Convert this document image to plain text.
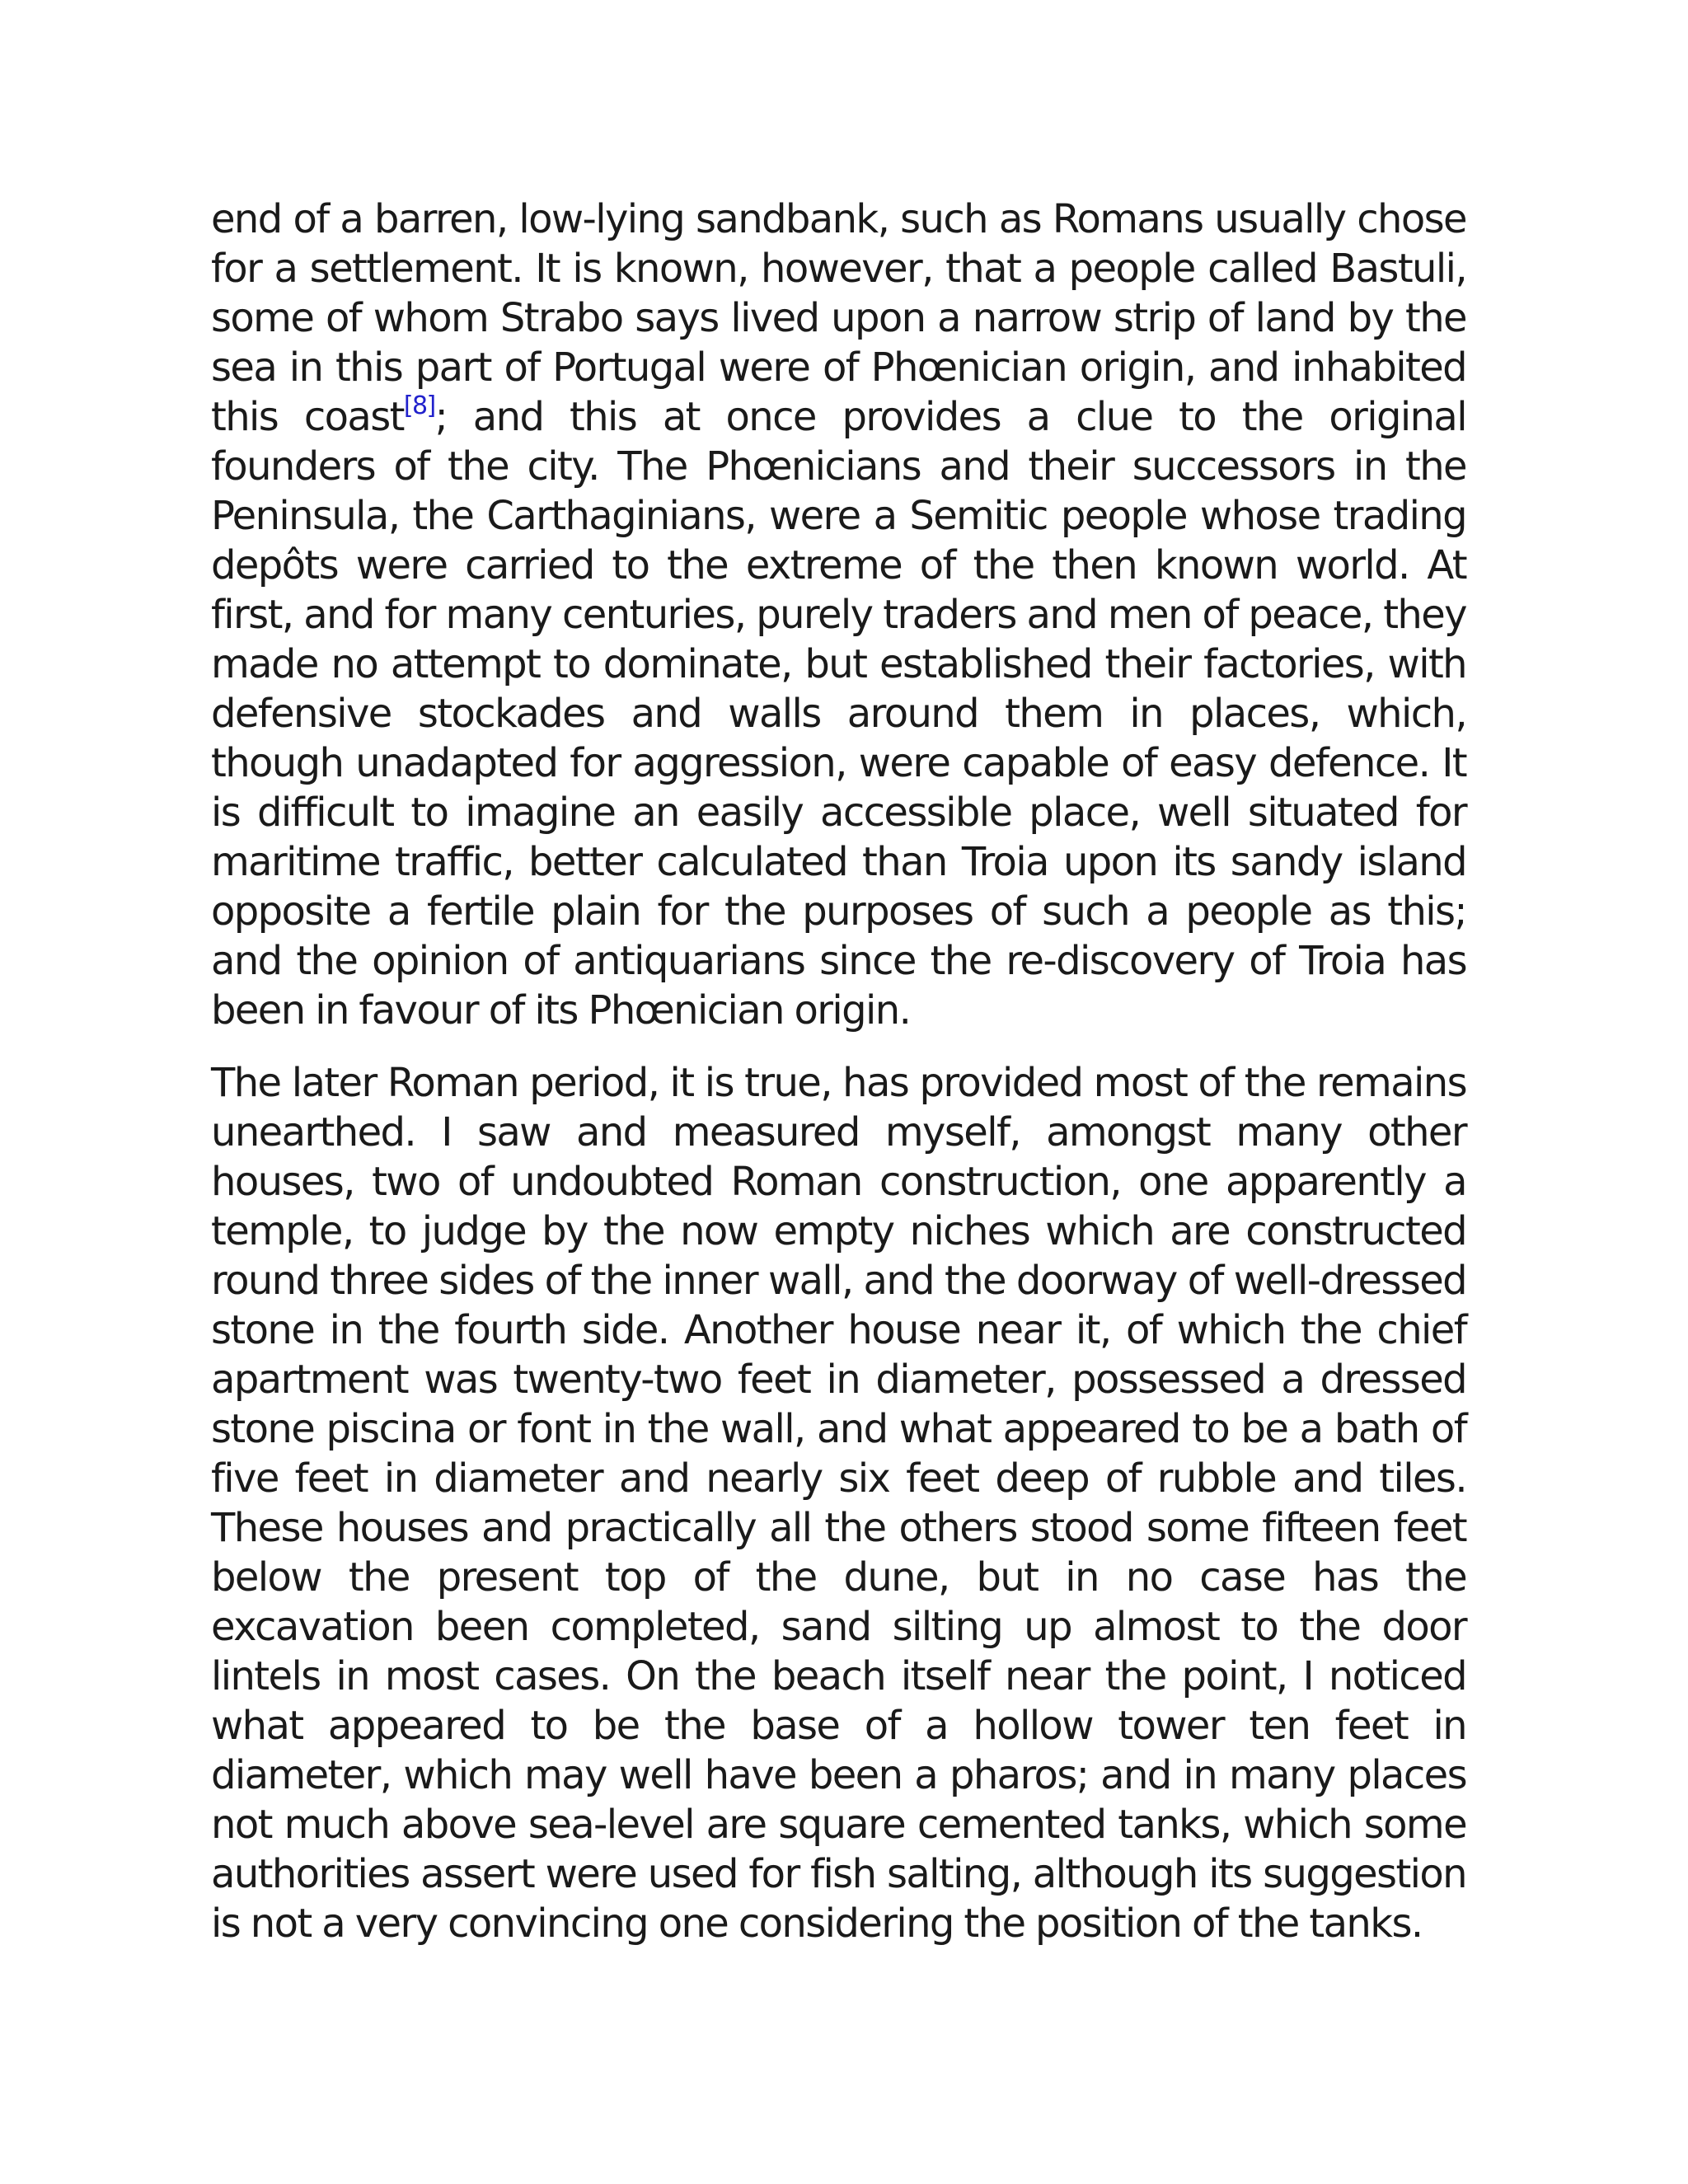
end of a barren, low-lying sandbank, such as Romans usually chose for a settlement. It is known, however, that a people called Bastuli, some of whom Strabo says lived upon a narrow strip of land by the sea in this part of Portugal were of Phœnician origin, and inhabited this coast[8]; and this at once provides a clue to the original founders of the city. The Phœnicians and their successors in the Peninsula, the Carthaginians, were a Semitic people whose trading depôts were carried to the extreme of the then known world. At first, and for many centuries, purely traders and men of peace, they made no attempt to dominate, but established their factories, with defensive stockades and walls around them in places, which, though unadapted for aggression, were capable of easy defence. It is difficult to imagine an easily accessible place, well situated for maritime traffic, better calculated than Troia upon its sandy island opposite a fertile plain for the purposes of such a people as this; and the opinion of antiquarians since the re-discovery of Troia has been in favour of its Phœnician origin.

The later Roman period, it is true, has provided most of the remains unearthed. I saw and measured myself, amongst many other houses, two of undoubted Roman construction, one apparently a temple, to judge by the now empty niches which are constructed round three sides of the inner wall, and the doorway of well-dressed stone in the fourth side. Another house near it, of which the chief apartment was twenty-two feet in diameter, possessed a dressed stone piscina or font in the wall, and what appeared to be a bath of five feet in diameter and nearly six feet deep of rubble and tiles. These houses and practically all the others stood some fifteen feet below the present top of the dune, but in no case has the excavation been completed, sand silting up almost to the door lintels in most cases. On the beach itself near the point, I noticed what appeared to be the base of a hollow tower ten feet in diameter, which may well have been a pharos; and in many places not much above sea-level are square cemented tanks, which some authorities assert were used for fish salting, although its suggestion is not a very convincing one considering the position of the tanks.
